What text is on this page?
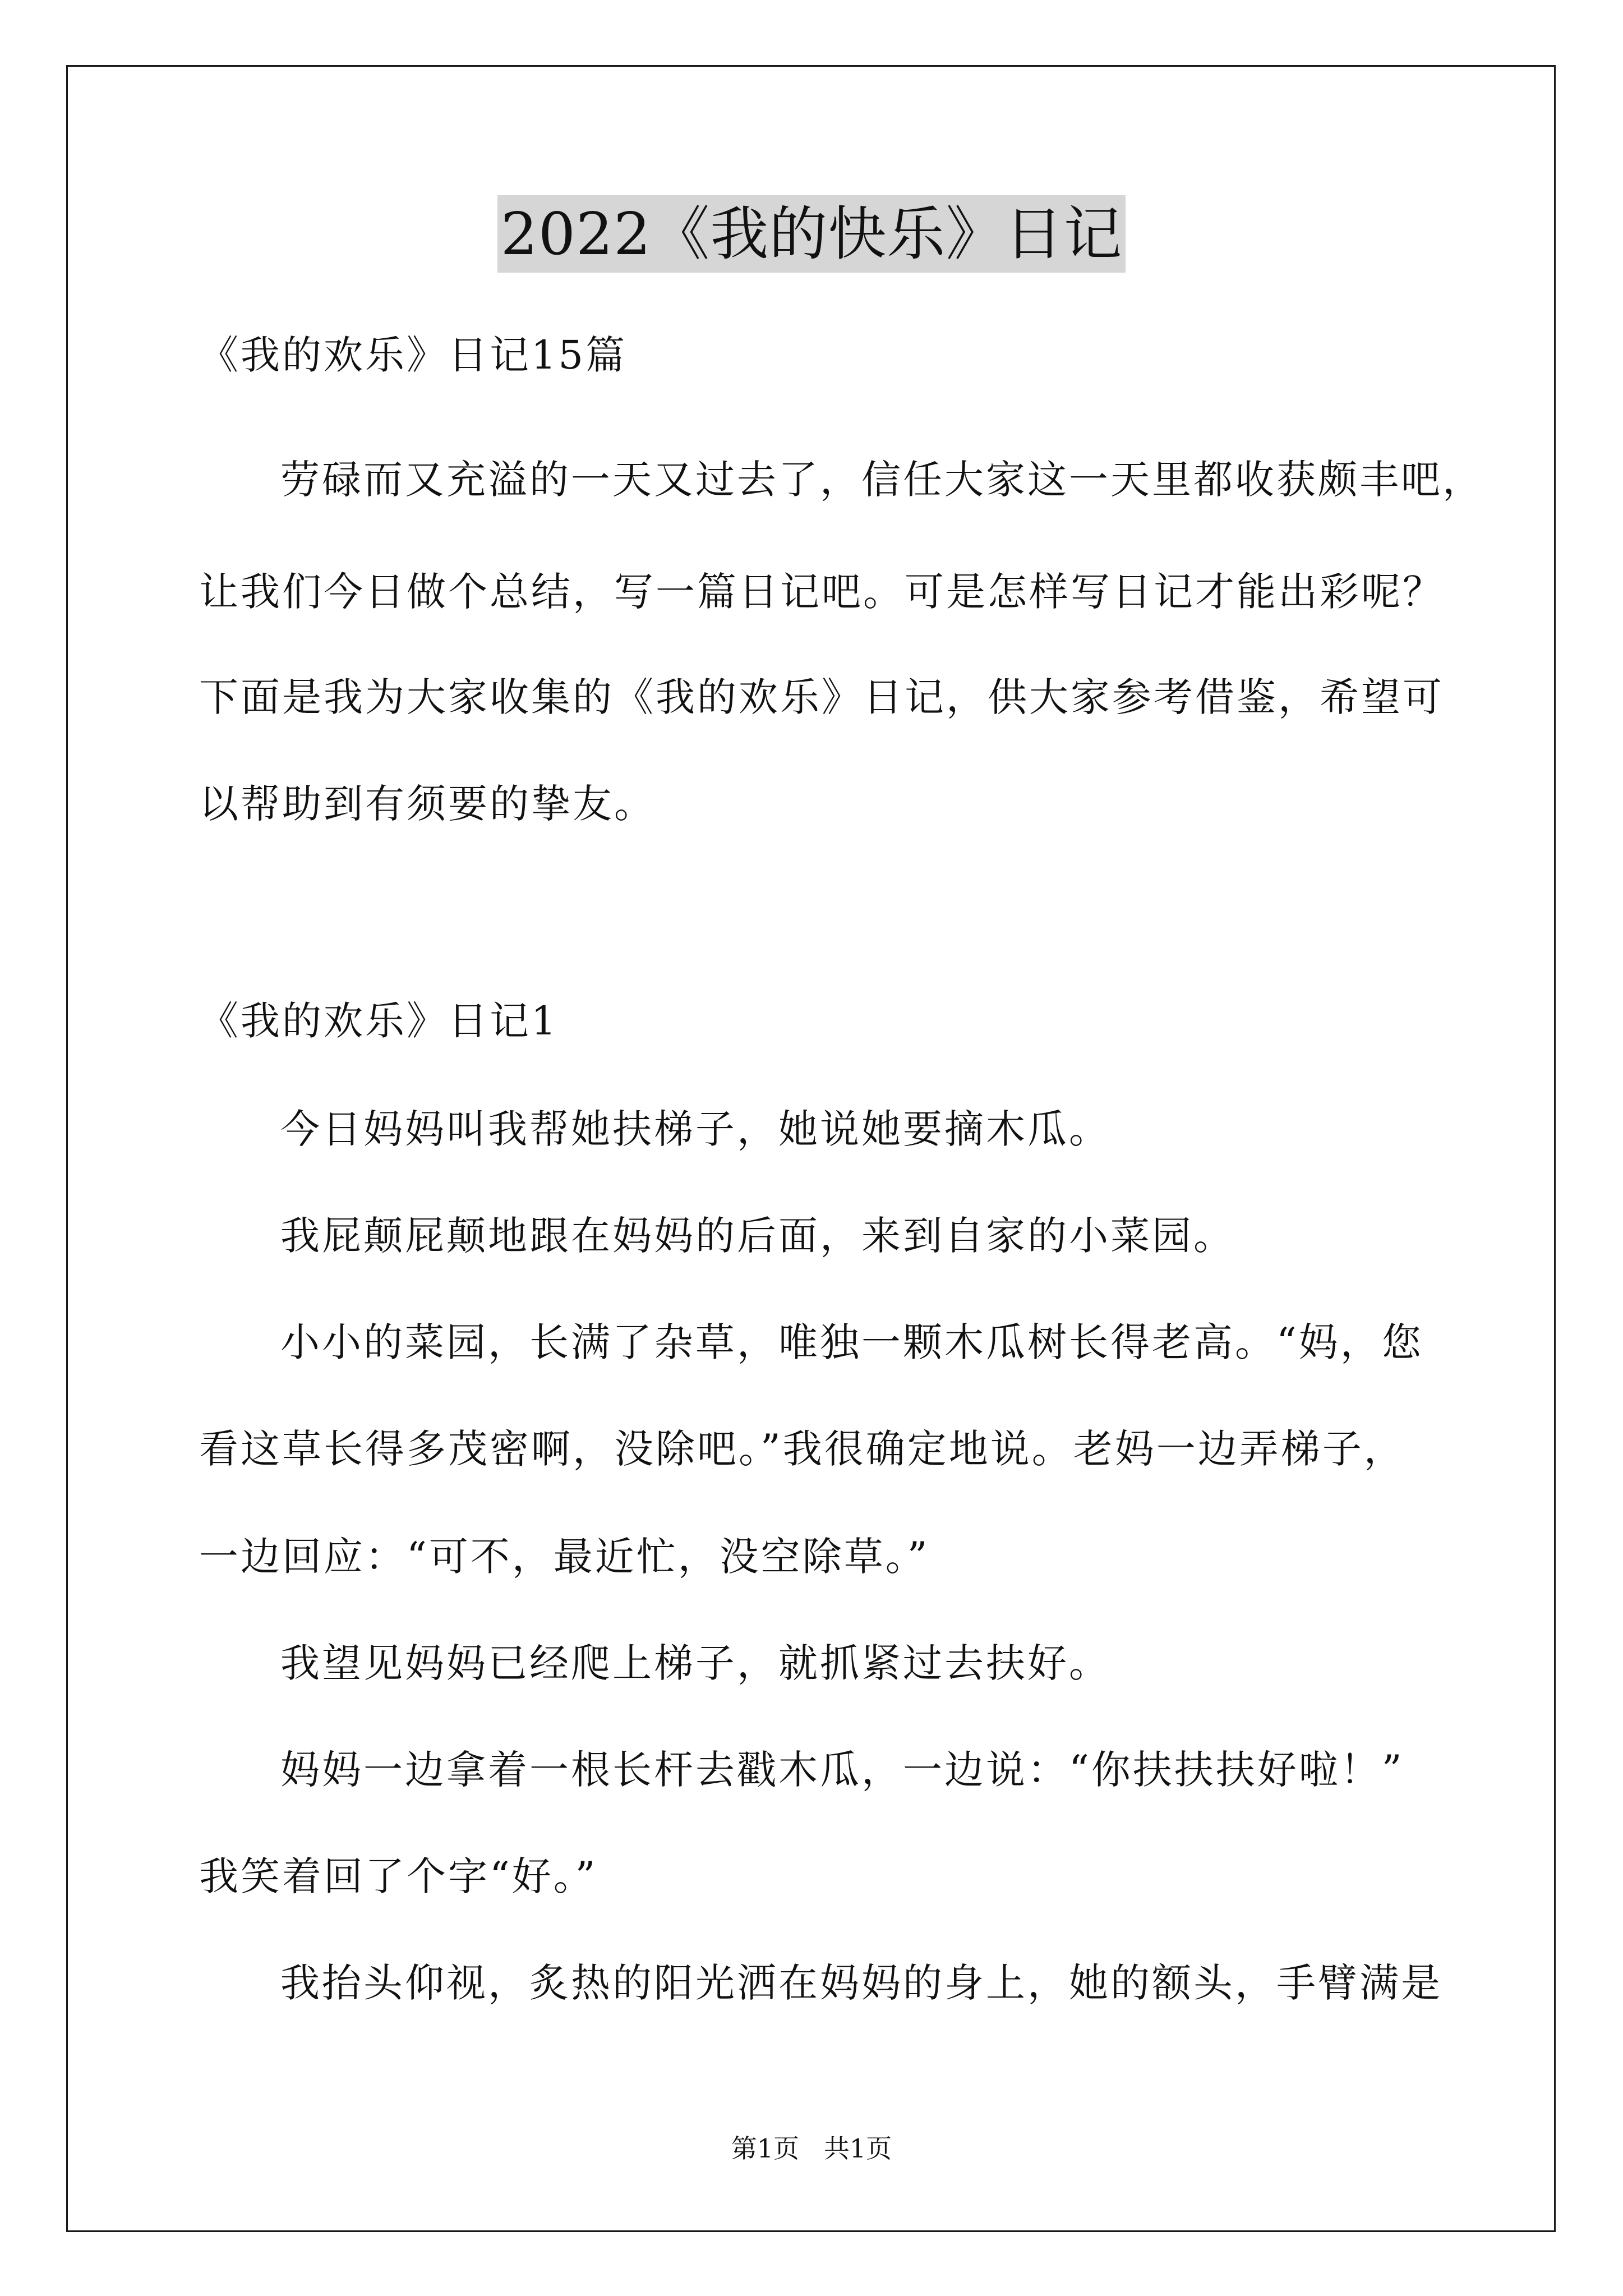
2022《我的快乐》日记
《我的欢乐》日记15篇
劳碌而又充溢的一天又过去了，信任大家这一天里都收获颇丰吧，
让我们今日做个总结，写一篇日记吧。可是怎样写日记才能出彩呢？
下面是我为大家收集的《我的欢乐》日记，供大家参考借鉴，希望可
以帮助到有须要的挚友。
《我的欢乐》日记1
今日妈妈叫我帮她扶梯子，她说她要摘木瓜。
我屁颠屁颠地跟在妈妈的后面，来到自家的小菜园。
小小的菜园，长满了杂草，唯独一颗木瓜树长得老高。“妈，您
看这草长得多茂密啊，没除吧。”我很确定地说。老妈一边弄梯子，
一边回应：“可不，最近忙，没空除草。”
我望见妈妈已经爬上梯子，就抓紧过去扶好。
妈妈一边拿着一根长杆去戳木瓜，一边说：“你扶扶扶好啦！”
我笑着回了个字“好。”
我抬头仰视，炙热的阳光洒在妈妈的身上，她的额头，手臂满是
第1页   共1页
